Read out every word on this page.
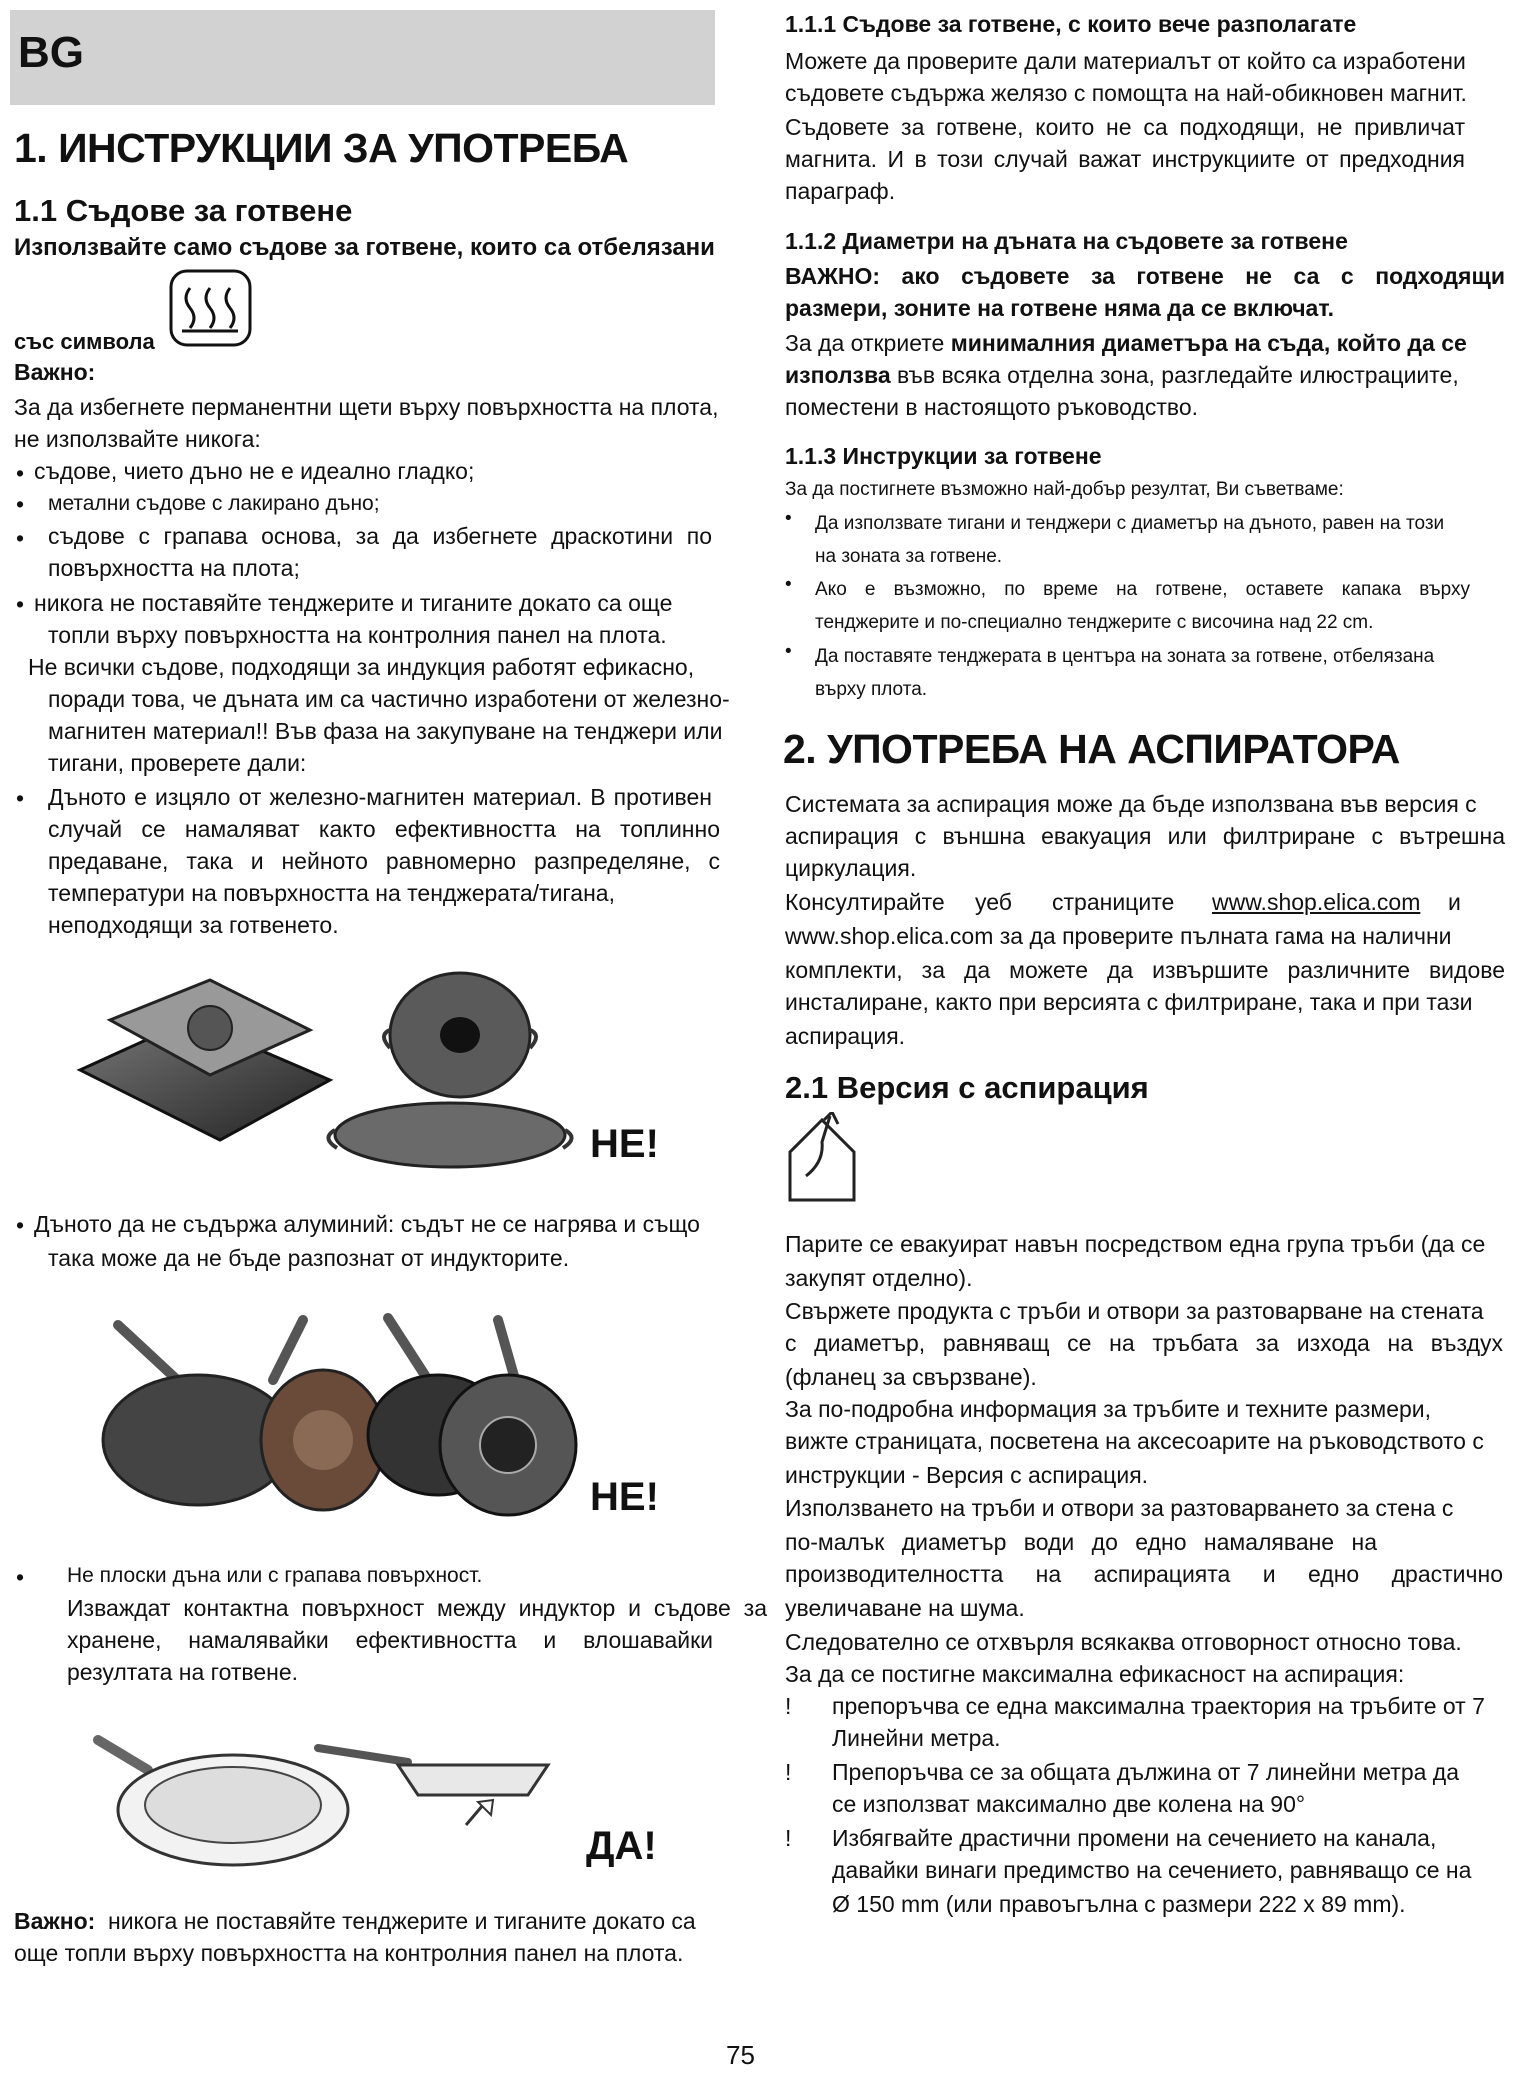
BG
1. ИНСТРУКЦИИ ЗА УПОТРЕБА
1.1 Съдове за готвене
Използвайте само съдове за готвене, които са отбелязани
със символа
Важно:
За да избегнете перманентни щети върху повърхността на плота,
не използвайте никога:
• съдове, чието дъно не е идеално гладко;
• метални съдове с лакирано дъно;
• съдове с грапава основа, за да избегнете драскотини по
повърхността на плота;
• никога не поставяйте тенджерите и тиганите докато са още
топли върху повърхността на контролния панел на плота.
Не всички съдове, подходящи за индукция работят ефикасно,
поради това, че дъната им са частично изработени от железно-
магнитен материал!! Във фаза на закупуване на тенджери или
тигани, проверете дали:
• Дъното е изцяло от железно-магнитен материал. В противен
случай се намаляват както ефективността на топлинно
предаване, така и нейното равномерно разпределяне, с
температури на повърхността на тенджерата/тигана,
неподходящи за готвенето.
НЕ!
• Дъното да не съдържа алуминий: съдът не се нагрява и също
така може да не бъде разпознат от индукторите.
НЕ!
• Не плоски дъна или с грапава повърхност.
Изваждат контактна повърхност между индуктор и съдове за
хранене, намалявайки ефективността и влошавайки
резултата на готвене.
ДА!
Важно: никога не поставяйте тенджерите и тиганите докато са
още топли върху повърхността на контролния панел на плота.
1.1.1 Съдове за готвене, с които вече разполагате
Можете да проверите дали материалът от който са изработени
съдовете съдържа желязо с помощта на най-обикновен магнит.
Съдовете за готвене, които не са подходящи, не привличат
магнита. И в този случай важат инструкциите от предходния
параграф.
1.1.2 Диаметри на дъната на съдовете за готвене
ВАЖНО: ако съдовете за готвене не са с подходящи
размери, зоните на готвене няма да се включат.
За да откриете минималния диаметъра на съда, който да се
използва във всяка отделна зона, разгледайте илюстрациите,
поместени в настоящото ръководство.
1.1.3 Инструкции за готвене
За да постигнете възможно най-добър резултат, Ви съветваме:
• Да използвате тигани и тенджери с диаметър на дъното, равен на този
на зоната за готвене.
• Ако е възможно, по време на готвене, оставете капака върху
тенджерите и по-специално тенджерите с височина над 22 cm.
• Да поставяте тенджерата в центъра на зоната за готвене, отбелязана
върху плота.
2. УПОТРЕБА НА АСПИРАТОРА
Системата за аспирация може да бъде използвана във версия с
аспирация с външна евакуация или филтриране с вътрешна
циркулация.
Консултирайте уеб страниците www.shop.elica.com и
www.shop.elica.com за да проверите пълната гама на налични
комплекти, за да можете да извършите различните видове
инсталиране, както при версията с филтриране, така и при тази
аспирация.
2.1 Версия с аспирация
Парите се евакуират навън посредством една група тръби (да се
закупят отделно).
Свържете продукта с тръби и отвори за разтоварване на стената
с диаметър, равняващ се на тръбата за изхода на въздух
(фланец за свързване).
За по-подробна информация за тръбите и техните размери,
вижте страницата, посветена на аксесоарите на ръководството с
инструкции - Версия с аспирация.
Използването на тръби и отвори за разтоварването за стена с
по-малък диаметър води до едно намаляване на
производителността на аспирацията и едно драстично
увеличаване на шума.
Следователно се отхвърля всякаква отговорност относно това.
За да се постигне максимална ефикасност на аспирация:
! препоръчва се една максимална траектория на тръбите от 7
Линейни метра.
! Препоръчва се за общата дължина от 7 линейни метра да
се използват максимално две колена на 90°
! Избягвайте драстични промени на сечението на канала,
давайки винаги предимство на сечението, равняващо се на
Ø 150 mm (или правоъгълна с размери 222 x 89 mm).
75
